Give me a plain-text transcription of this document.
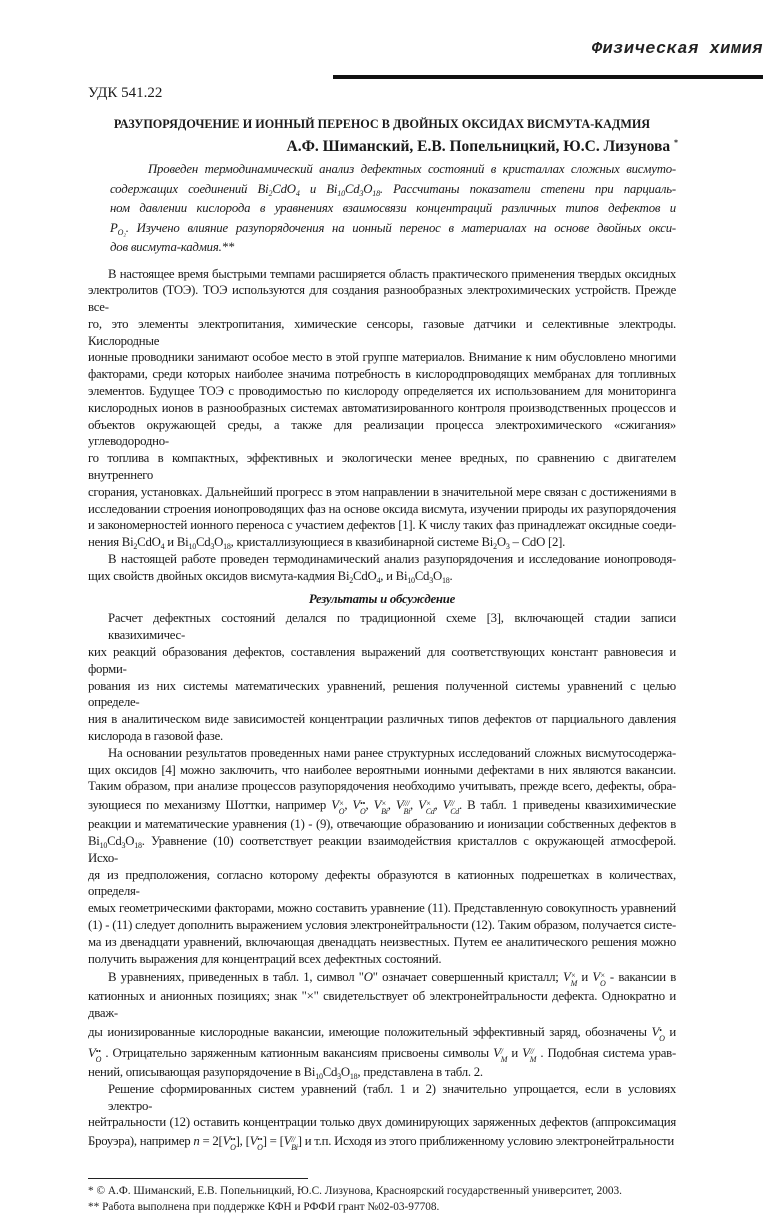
Физическая химия
УДК 541.22
РАЗУПОРЯДОЧЕНИЕ И ИОННЫЙ ПЕРЕНОС В ДВОЙНЫХ ОКСИДАХ ВИСМУТА-КАДМИЯ
А.Ф. Шиманский, Е.В. Попельницкий, Ю.С. Лизунова *
Проведен термодинамический анализ дефектных состояний в кристаллах сложных висмуто-
содержащих соединений $Bi_2CdO_4$ и $Bi_{10}Cd_3O_{18}$. Рассчитаны показатели степени при парциаль-
ном давлении кислорода в уравнениях взаимосвязи концентраций различных типов дефектов и
$P_{O_2}$. Изучено влияние разупорядочения на ионный перенос в материалах на основе двойных окси-
дов висмута-кадмия.**
В настоящее время быстрыми темпами расширяется область практического применения твердых оксидных
электролитов (ТОЭ). ТОЭ используются для создания разнообразных электрохимических устройств. Прежде все-
го, это элементы электропитания, химические сенсоры, газовые датчики и селективные электроды. Кислородные
ионные проводники занимают особое место в этой группе материалов. Внимание к ним обусловлено многими
факторами, среди которых наиболее значима потребность в кислородпроводящих мембранах для топливных
элементов. Будущее ТОЭ с проводимостью по кислороду определяется их использованием для мониторинга
кислородных ионов в разнообразных системах автоматизированного контроля производственных процессов и
объектов окружающей среды, а также для реализации процесса электрохимического «сжигания» углеводородно-
го топлива в компактных, эффективных и экологически менее вредных, по сравнению с двигателем внутреннего
сгорания, установках. Дальнейший прогресс в этом направлении в значительной мере связан с достижениями в
исследовании строения ионопроводящих фаз на основе оксида висмута, изучении природы их разупорядочения
и закономерностей ионного переноса с участием дефектов [1]. К числу таких фаз принадлежат оксидные соеди-
нения $Bi_2CdO_4$ и $Bi_{10}Cd_3O_{18}$, кристаллизующиеся в квазибинарной системе $Bi_2O_3$ – CdO [2].
В настоящей работе проведен термодинамический анализ разупорядочения и исследование ионопроводя-
щих свойств двойных оксидов висмута-кадмия $Bi_2CdO_4$, и $Bi_{10}Cd_3O_{18}$.
Результаты и обсуждение
Расчет дефектных состояний делался по традиционной схеме [3], включающей стадии записи квазихимичес-
ких реакций образования дефектов, составления выражений для соответствующих констант равновесия и форми-
рования из них системы математических уравнений, решения полученной системы уравнений с целью определе-
ния в аналитическом виде зависимостей концентрации различных типов дефектов от парциального давления
кислорода в газовой фазе.
На основании результатов проведенных нами ранее структурных исследований сложных висмутосодержа-
щих оксидов [4] можно заключить, что наиболее вероятными ионными дефектами в них являются вакансии.
Таким образом, при анализе процессов разупорядочения необходимо учитывать, прежде всего, дефекты, обра-
зующиеся по механизму Шоттки, например V ×
O , V ••
O , V ×
Bi , V ///
Bi , V ×
Cd , V //
Cd . В табл. 1 приведены квазихимические
реакции и математические уравнения (1) - (9), отвечающие образованию и ионизации собственных дефектов в
$Bi_{10}Cd_3O_{18}$. Уравнение (10) соответствует реакции взаимодействия кристаллов с окружающей атмосферой. Исхо-
дя из предположения, согласно которому дефекты образуются в катионных подрешетках в количествах, определя-
емых геометрическими факторами, можно составить уравнение (11). Представленную совокупность уравнений
(1) - (11) следует дополнить выражением условия электронейтральности (12). Таким образом, получается систе-
ма из двенадцати уравнений, включающая двенадцать неизвестных. Путем ее аналитического решения можно
получить выражения для концентраций всех дефектных состояний.
В уравнениях, приведенных в табл. 1, символ "O" означает совершенный кристалл; V ×
M и V ×
O - вакансии в
катионных и анионных позициях; знак "×" свидетельствует об электронейтральности дефекта. Однократно и дваж-
ды ионизированные кислородные вакансии, имеющие положительный эффективный заряд, обозначены V •
O и
V ••
O . Отрицательно заряженным катионным вакансиям присвоены символы V /
M и V //
M . Подобная система урав-
нений, описывающая разупорядочение в $Bi_{10}Cd_3O_{18}$, представлена в табл. 2.
Решение сформированных систем уравнений (табл. 1 и 2) значительно упрощается, если в условиях электро-
нейтральности (12) оставить концентрации только двух доминирующих заряженных дефектов (аппроксимация
Броуэра), например n = 2[V ••
O ], [V ••
O ] = [V //
Bi ] и т.п. Исходя из этого приближенному условию электронейтральности
* © А.Ф. Шиманский, Е.В. Попельницкий, Ю.С. Лизунова, Красноярский государственный университет, 2003.
** Работа выполнена при поддержке КФН и РФФИ грант №02-03-97708.
